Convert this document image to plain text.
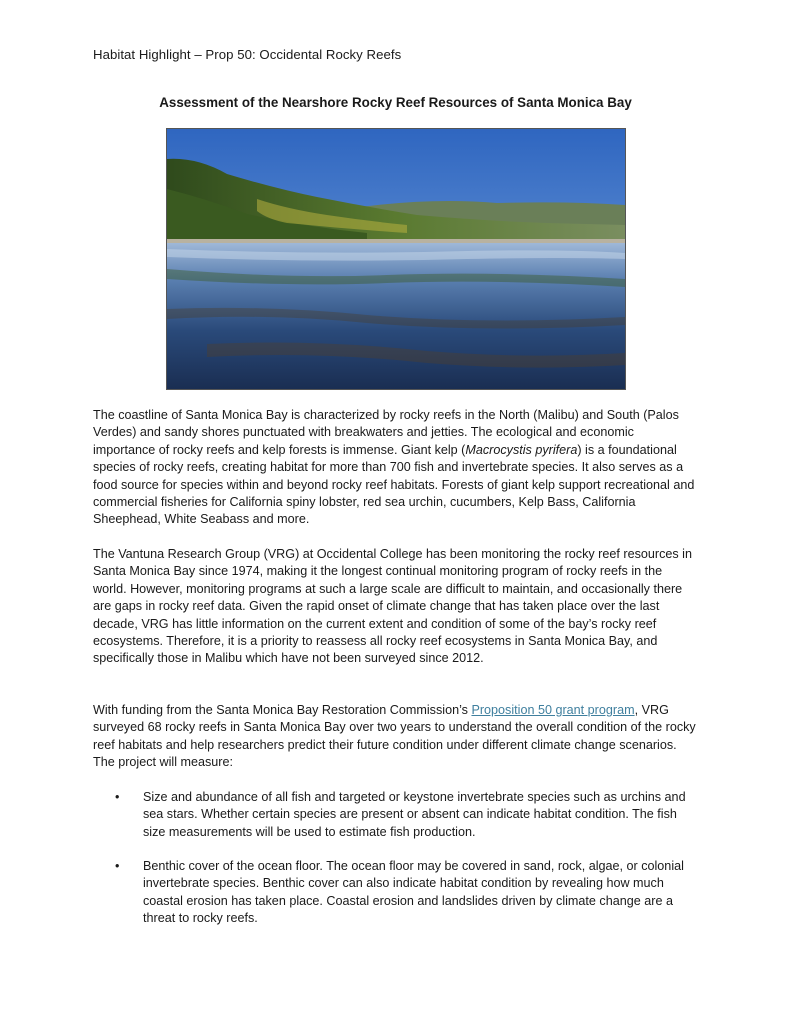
Habitat Highlight – Prop 50: Occidental Rocky Reefs
Assessment of the Nearshore Rocky Reef Resources of Santa Monica Bay

The coastline of Santa Monica Bay is characterized by rocky reefs in the North (Malibu) and South (Palos Verdes) and sandy shores punctuated with breakwaters and jetties. The ecological and economic importance of rocky reefs and kelp forests is immense. Giant kelp (Macrocystis pyrifera) is a foundational species of rocky reefs, creating habitat for more than 700 fish and invertebrate species. It also serves as a food source for species within and beyond rocky reef habitats. Forests of giant kelp support recreational and commercial fisheries for California spiny lobster, red sea urchin, cucumbers, Kelp Bass, California Sheephead, White Seabass and more.

The Vantuna Research Group (VRG) at Occidental College has been monitoring the rocky reef resources in Santa Monica Bay since 1974, making it the longest continual monitoring program of rocky reefs in the world. However, monitoring programs at such a large scale are difficult to maintain, and occasionally there are gaps in rocky reef data. Given the rapid onset of climate change that has taken place over the last decade, VRG has little information on the current extent and condition of some of the bay’s rocky reef ecosystems. Therefore, it is a priority to reassess all rocky reef ecosystems in Santa Monica Bay, and specifically those in Malibu which have not been surveyed since 2012.

With funding from the Santa Monica Bay Restoration Commission’s Proposition 50 grant program, VRG surveyed 68 rocky reefs in Santa Monica Bay over two years to understand the overall condition of the rocky reef habitats and help researchers predict their future condition under different climate change scenarios. The project will measure:

•	Size and abundance of all fish and targeted or keystone invertebrate species such as urchins and sea stars. Whether certain species are present or absent can indicate habitat condition. The fish size measurements will be used to estimate fish production.
•	Benthic cover of the ocean floor. The ocean floor may be covered in sand, rock, algae, or colonial invertebrate species. Benthic cover can also indicate habitat condition by revealing how much coastal erosion has taken place. Coastal erosion and landslides driven by climate change are a threat to rocky reefs.
